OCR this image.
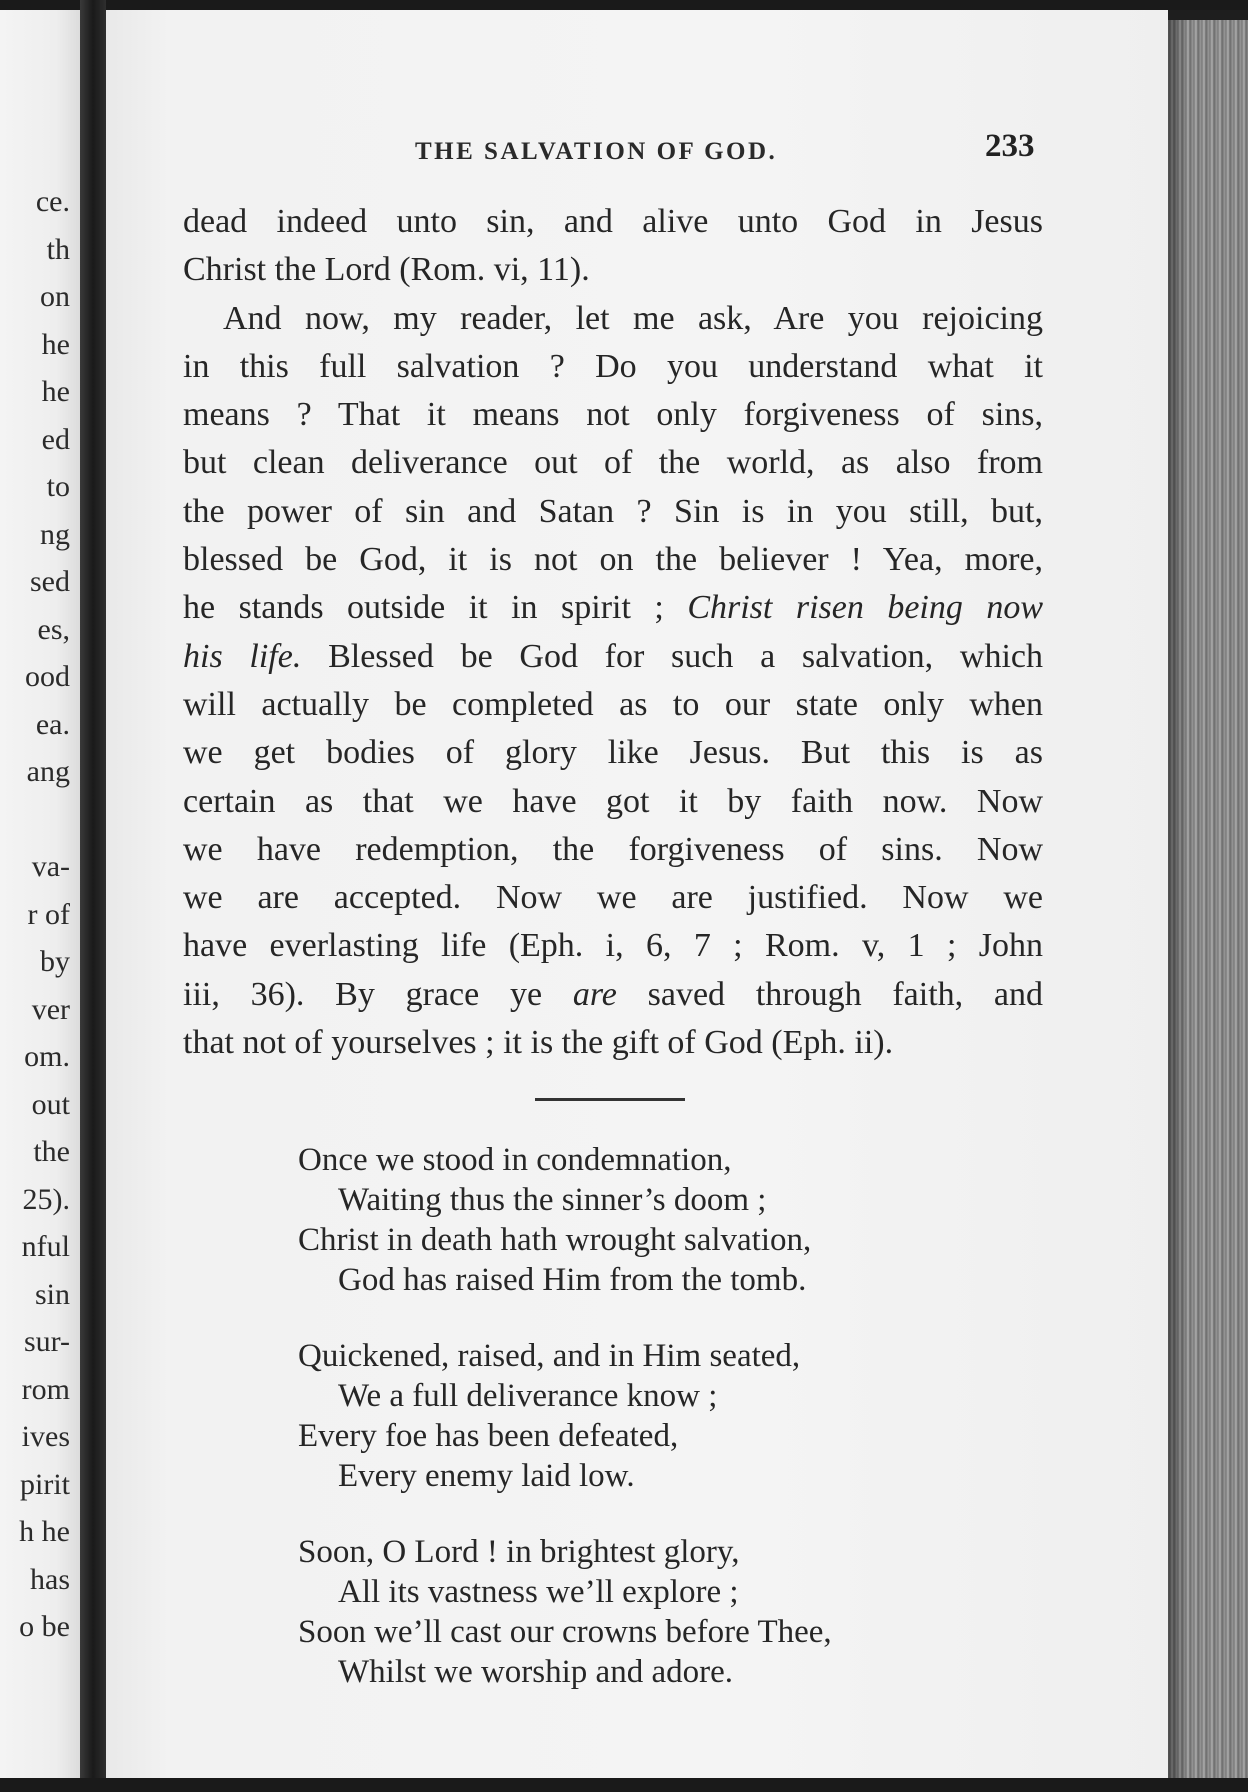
ce.
th
on
he
he
ed
to
ng
sed
es,
ood
ea.
ang
va-
r of
by
ver
om.
out
the
25).
nful
sin
sur-
rom
ives
pirit
h he
has
o be
THE SALVATION OF GOD.	233
dead indeed unto sin, and alive unto God in Jesus
Christ the Lord (Rom. vi, 11).
And now, my reader, let me ask, Are you rejoicing
in this full salvation ? Do you understand what it
means ? That it means not only forgiveness of sins,
but clean deliverance out of the world, as also from
the power of sin and Satan ? Sin is in you still, but,
blessed be God, it is not on the believer ! Yea, more,
he stands outside it in spirit ; Christ risen being now
his life. Blessed be God for such a salvation, which
will actually be completed as to our state only when
we get bodies of glory like Jesus. But this is as
certain as that we have got it by faith now. Now
we have redemption, the forgiveness of sins. Now
we are accepted. Now we are justified. Now we
have everlasting life (Eph. i, 6, 7 ; Rom. v, 1 ; John
iii, 36). By grace ye are saved through faith, and
that not of yourselves ; it is the gift of God (Eph. ii).
Once we stood in condemnation,
Waiting thus the sinner’s doom ;
Christ in death hath wrought salvation,
God has raised Him from the tomb.
Quickened, raised, and in Him seated,
We a full deliverance know ;
Every foe has been defeated,
Every enemy laid low.
Soon, O Lord ! in brightest glory,
All its vastness we’ll explore ;
Soon we’ll cast our crowns before Thee,
Whilst we worship and adore.
